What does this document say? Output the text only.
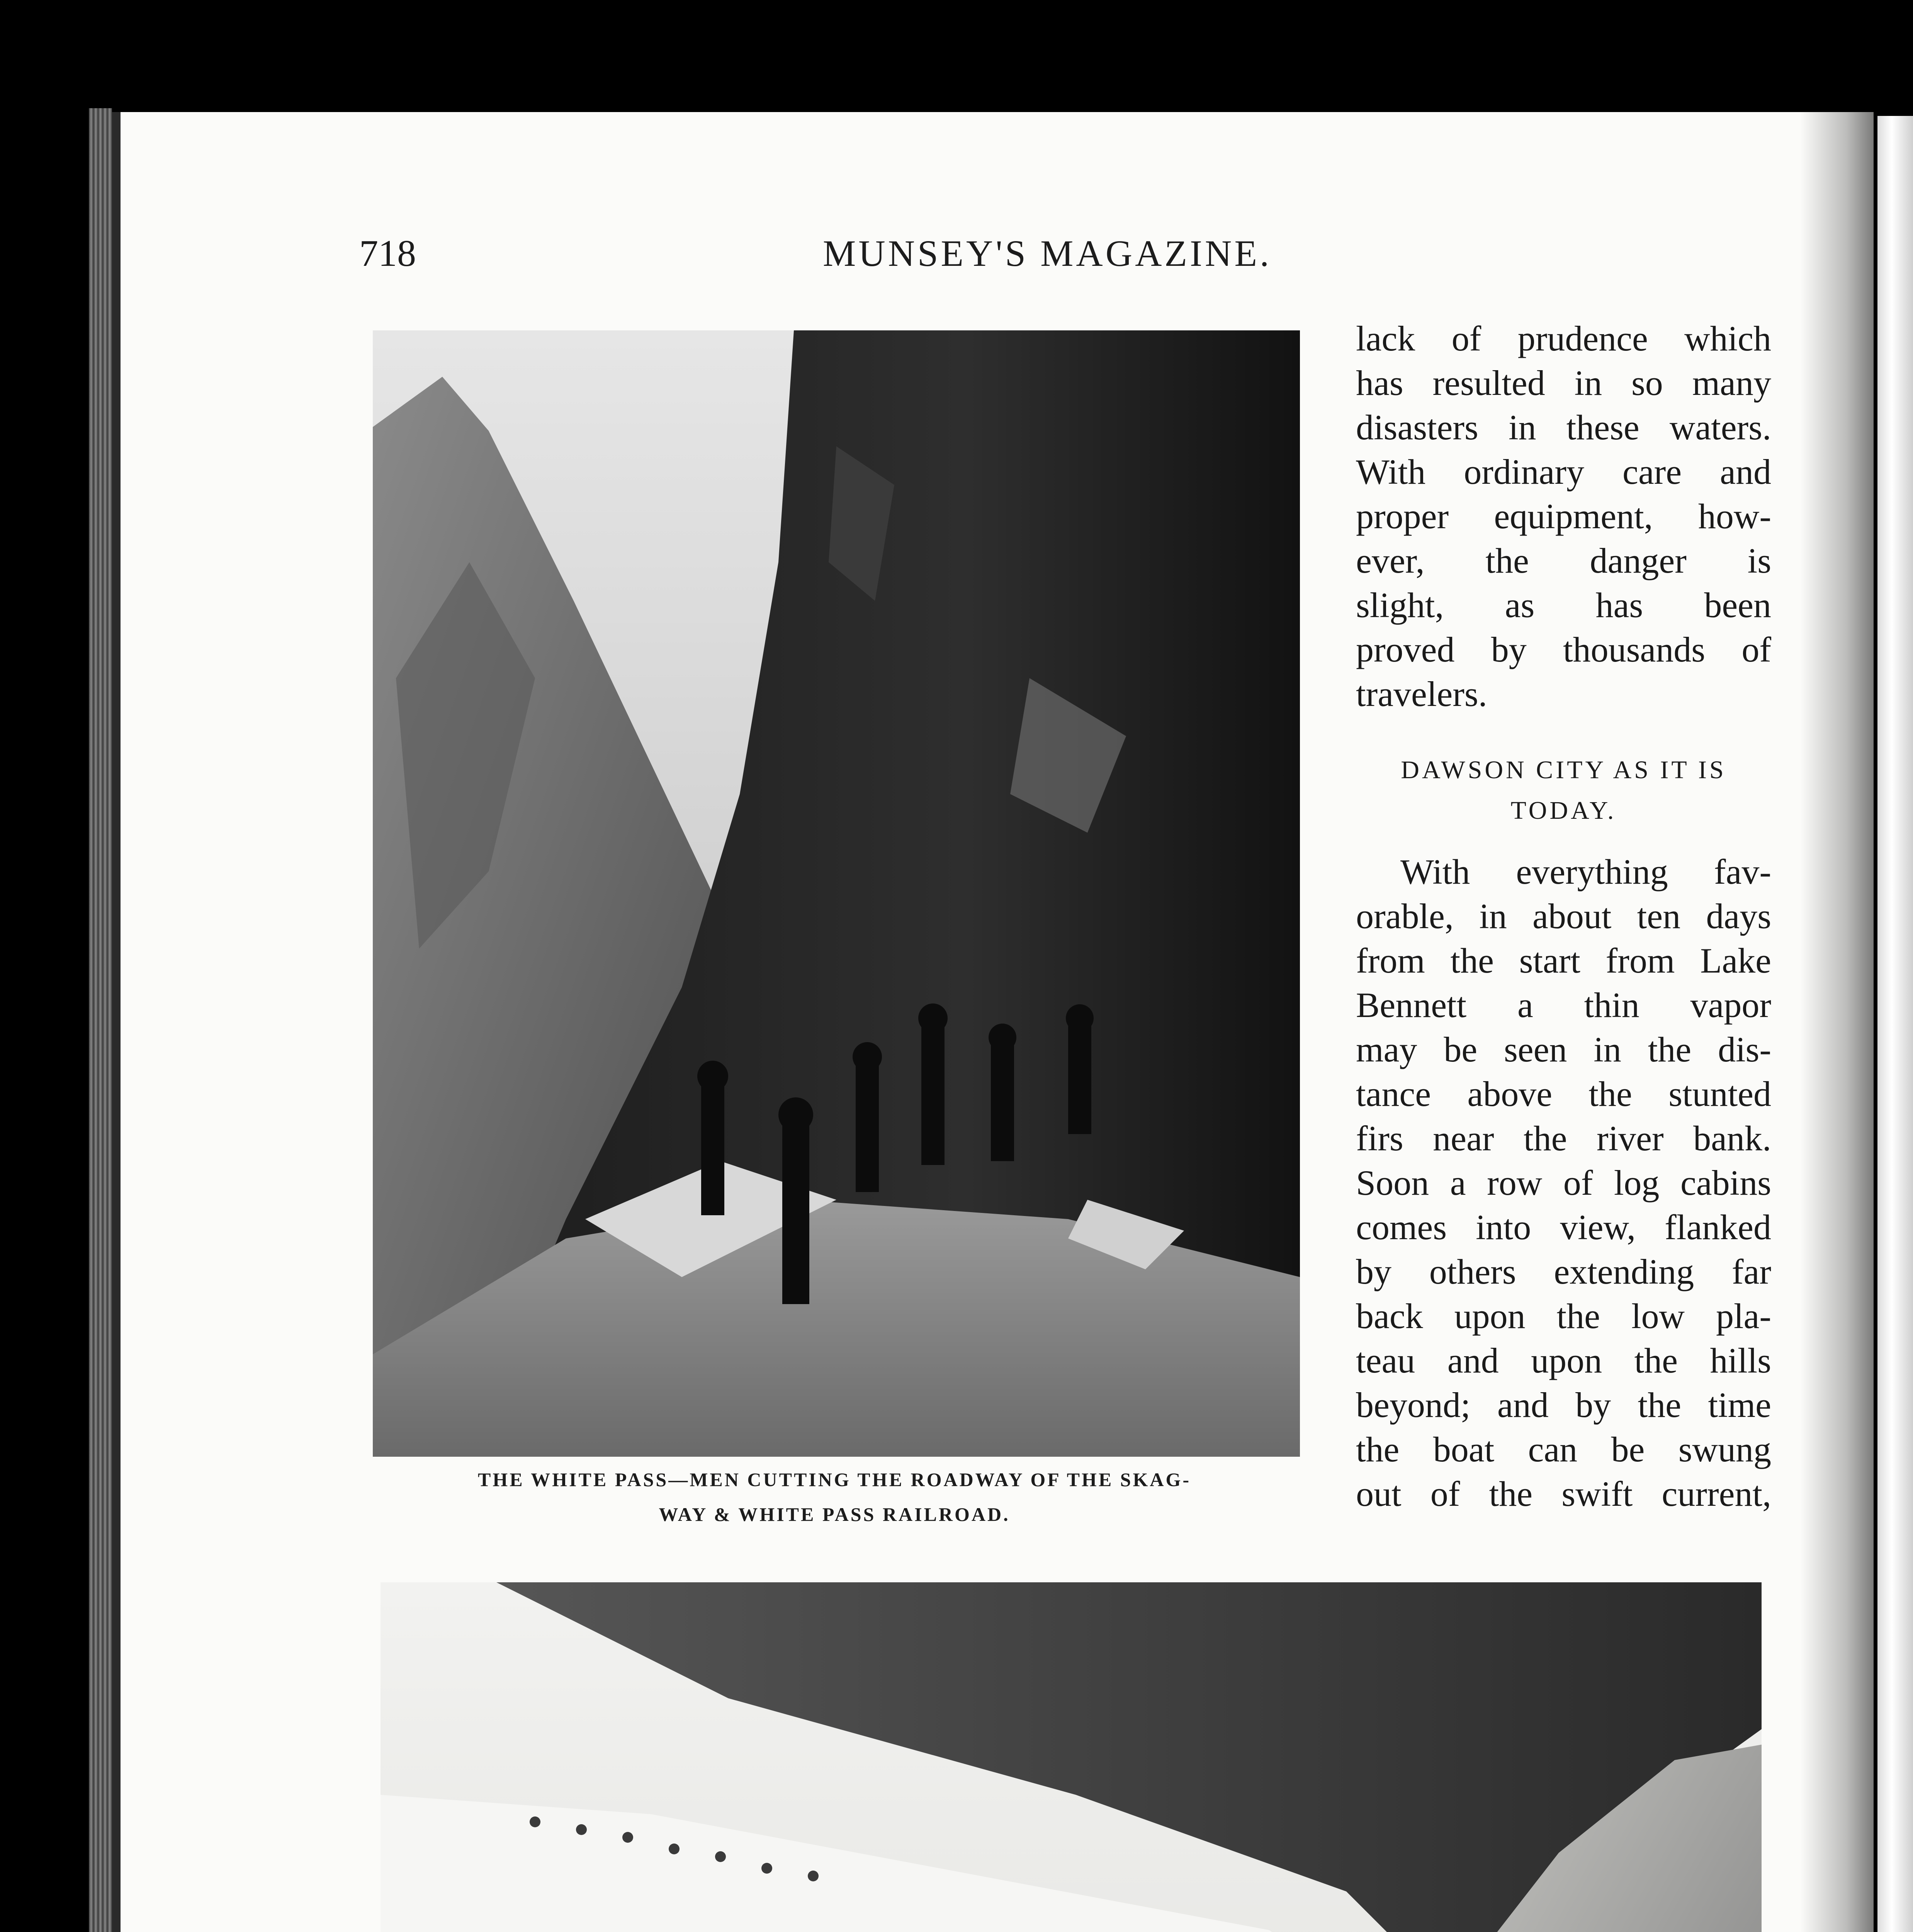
718	MUNSEY'S MAGAZINE.
THE WHITE PASS—MEN CUTTING THE ROADWAY OF THE SKAG-
WAY & WHITE PASS RAILROAD.
lack of prudence which
has resulted in so many
disasters in these waters.
With ordinary care and
proper equipment, how-
ever, the danger is
slight, as has been
proved by thousands of
travelers.
DAWSON CITY AS IT IS
TODAY.
With everything fav-
orable, in about ten days
from the start from Lake
Bennett a thin vapor
may be seen in the dis-
tance above the stunted
firs near the river bank.
Soon a row of log cabins
comes into view, flanked
by others extending far
back upon the low pla-
teau and upon the hills
beyond; and by the time
the boat can be swung
out of the swift current,
